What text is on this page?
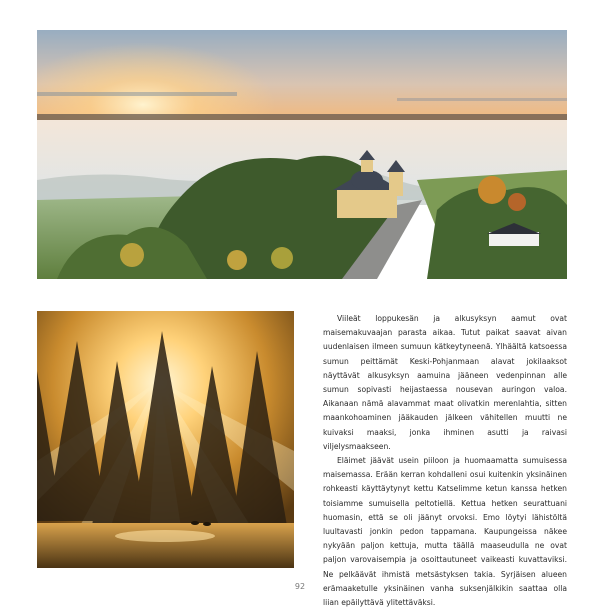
Viileät loppukesän ja alkusyksyn aamut ovat maisemakuvaajan parasta aikaa. Tutut paikat saavat aivan uudenlaisen ilmeen sumuun kätkeytyneenä. Ylhäältä katsoessa sumun peittämät Keski-Pohjanmaan alavat jokilaaksot näyttävät alkusyksyn aamuina jääneen vedenpinnan alle sumun sopivasti heijastaessa nousevan auringon valoa. Aikanaan nämä alavammat maat olivatkin merenlahtia, sitten maankohoaminen jääkauden jälkeen vähitellen muutti ne kuivaksi maaksi, jonka ihminen asutti ja raivasi viljelysmaakseen.

Eläimet jäävät usein piiloon ja huomaamatta sumuisessa maisemassa. Erään kerran kohdalleni osui kuitenkin yksinäinen rohkeasti käyttäytynyt kettu Katselimme ketun kanssa hetken toisiamme sumuisella peltotiellä. Kettua hetken seurattuani huomasin, että se oli jäänyt orvoksi. Emo löytyi lähistöltä luultavasti jonkin pedon tappamana. Kaupungeissa näkee nykyään paljon kettuja, mutta täällä maaseudulla ne ovat paljon varovaisempia ja osoittautuneet vaikeasti kuvattaviksi. Ne pelkäävät ihmistä metsästyksen takia. Syrjäisen alueen erämaaketulle yksinäinen vanha suksenjälkikin saattaa olla liian epäilyttävä ylitettäväksi.

92
